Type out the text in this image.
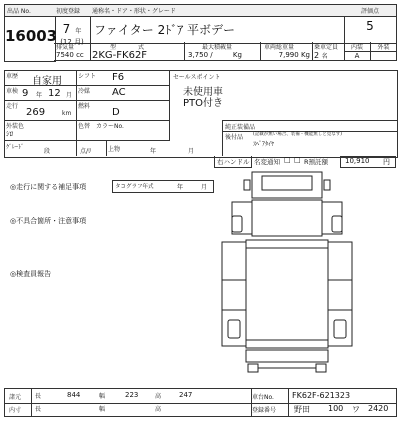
出品 No.
16003
初度登録
7 年
(12 月)
通称名・ドア・形状・グレード
ファイター 2ﾄﾞｱ 平ボデー
評価点
5
排気量
7540 cc
型	式
2KG-FK62F
最大積載量
3,750 /	Kg
車両総重量
7,990 Kg
乗車定員
2 名
内装	外装
A
車歴 自家用	シフト F6	セールスポイント
未使用車
PTO付き
車検 9 年 12 月
冷媒 AC
走行
269	km
燃料
D
外装色
ｼﾛ
色替 カラーNo.	純正装備品
後付品 (記載が無い場合、装備・機能無しと見なす)
ｽﾍﾟｱﾀｲﾔ
ｸﾞﾚｰﾄﾞ
段	点/ﾘ	上物	年	月
右ハンドル 名変通知 □ □ R預託額 10,910 円
◎走行に関する補足事項	タコグラフ年式	年	月
◎不具合箇所・注意事項
◎検査員報告
諸元 長	844	幅	223	高	247
内寸 長	幅	高
車台No. FK62F-621323
登録番号 野田 100 ワ 2420
